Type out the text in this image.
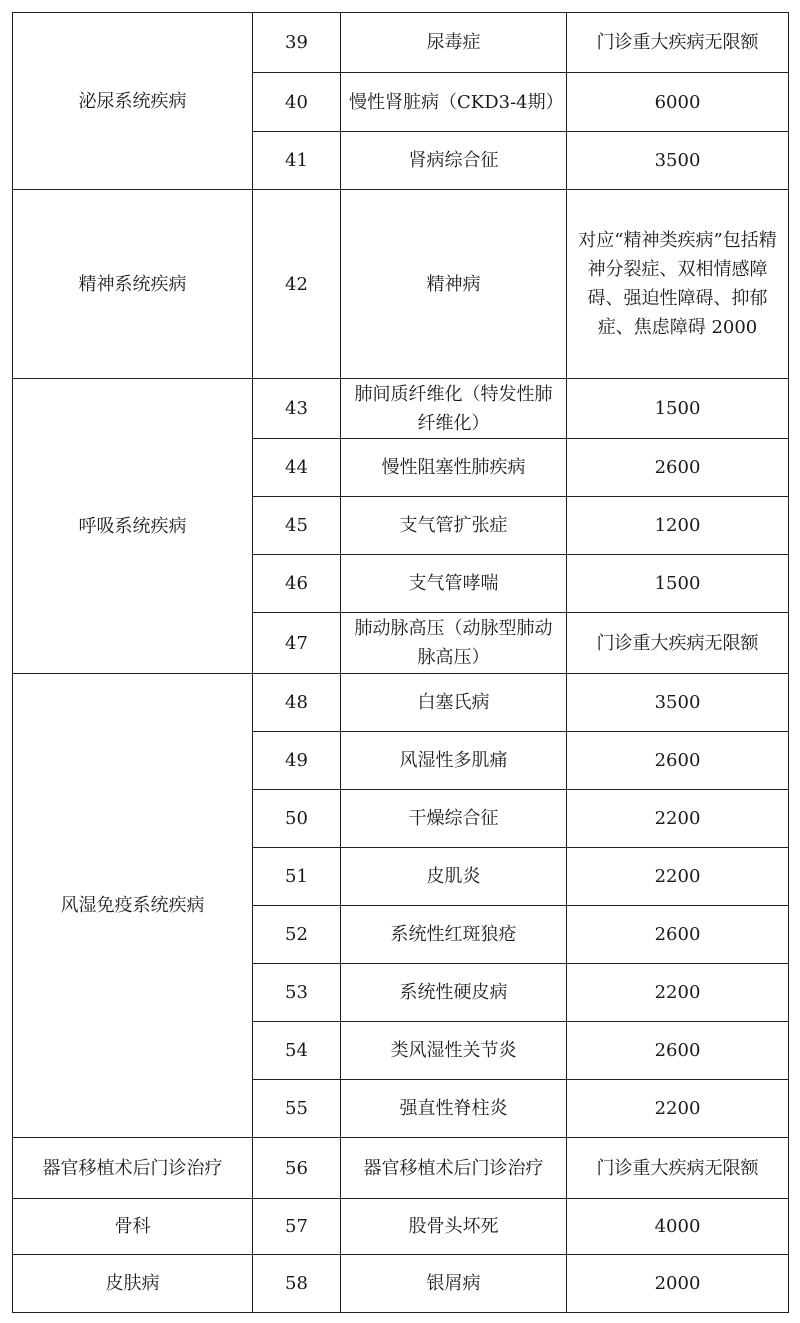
泌尿系统疾病	39	尿毒症	门诊重大疾病无限额
	40	慢性肾脏病（CKD3-4期）	6000
	41	肾病综合征	3500
精神系统疾病	42	精神病	对应“精神类疾病”包括精神分裂症、双相情感障碍、强迫性障碍、抑郁症、焦虑障碍 2000
呼吸系统疾病	43	肺间质纤维化（特发性肺纤维化）	1500
	44	慢性阻塞性肺疾病	2600
	45	支气管扩张症	1200
	46	支气管哮喘	1500
	47	肺动脉高压（动脉型肺动脉高压）	门诊重大疾病无限额
风湿免疫系统疾病	48	白塞氏病	3500
	49	风湿性多肌痛	2600
	50	干燥综合征	2200
	51	皮肌炎	2200
	52	系统性红斑狼疮	2600
	53	系统性硬皮病	2200
	54	类风湿性关节炎	2600
	55	强直性脊柱炎	2200
器官移植术后门诊治疗	56	器官移植术后门诊治疗	门诊重大疾病无限额
骨科	57	股骨头坏死	4000
皮肤病	58	银屑病	2000
